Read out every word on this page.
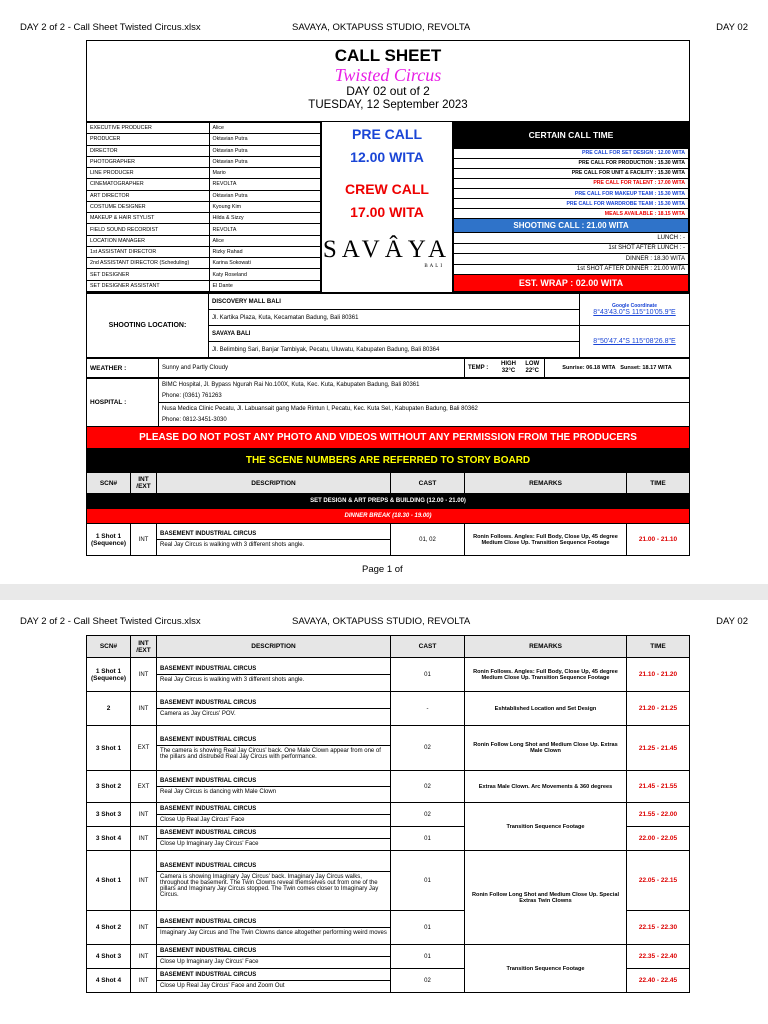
DAY 2 of 2 - Call Sheet Twisted Circus.xlsx	SAVAYA, OKTAPUSS STUDIO, REVOLTA	DAY 02
CALL SHEET
Twisted Circus
DAY 02 out of 2
TUESDAY, 12 September 2023
EXECUTIVE PRODUCER	Alice
PRODUCER	Oktavian Putra
DIRECTOR	Oktavian Putra
PHOTOGRAPHER	Oktavian Putra
LINE PRODUCER	Mario
CINEMATOGRAPHER	REVOLTA
ART DIRECTOR	Oktavian Putra
COSTUME DESIGNER	Kyoung Kim
MAKEUP & HAIR STYLIST	Hilda & Sizzy
FIELD SOUND RECORDIST	REVOLTA
LOCATION MANAGER	Alice
1st ASSISTANT DIRECTOR	Rizky Rahad
2nd ASSISTANT DIRECTOR (Scheduling)	Karina Sokowati
SET DESIGNER	Katy Roseland
SET DESIGNER ASSISTANT	El Dante
PRE CALL
12.00 WITA
CREW CALL
17.00 WITA
SAVÂYA
BALI
CERTAIN CALL TIME
PRE CALL FOR SET DESIGN : 12.00 WITA
PRE CALL FOR PRODUCTION : 15.30 WITA
PRE CALL FOR UNIT & FACILITY : 15.30 WITA
PRE CALL FOR TALENT : 17.00 WITA
PRE CALL FOR MAKEUP TEAM : 15.30 WITA
PRE CALL FOR WARDROBE TEAM : 15.30 WITA
MEALS AVAILABLE : 18.15 WITA
SHOOTING CALL : 21.00 WITA
LUNCH : -
1st SHOT AFTER LUNCH : -
DINNER : 18.30 WITA
1st SHOT AFTER DINNER : 21.00 WITA
EST. WRAP : 02.00 WITA
SHOOTING LOCATION:	DISCOVERY MALL BALI	Google Coordinate
8°43'43.0"S 115°10'05.9"E
	Jl. Kartika Plaza, Kuta, Kecamatan Badung, Bali 80361	
	SAVAYA BALI	8°50'47.4"S 115°08'26.8"E
	Jl. Belimbing Sari, Banjar Tambiyak, Pecatu, Uluwatu, Kabupaten Badung, Bali 80364	
WEATHER :	Sunny and Partly Cloudy	TEMP :	
HIGH
32°C

LOW
22°C	Sunrise: 06.18 WITA Sunset: 18.17 WITA
HOSPITAL :	BIMC Hospital, Jl. Bypass Ngurah Rai No.100X, Kuta, Kec. Kuta, Kabupaten Badung, Bali 80361
Phone: (0361) 761263
Nusa Medica Clinic Pecatu, Jl. Labuansait gang Made Rintun I, Pecatu, Kec. Kuta Sel., Kabupaten Badung, Bali 80362
Phone: 0812-3451-3030
PLEASE DO NOT POST ANY PHOTO AND VIDEOS WITHOUT ANY PERMISSION FROM THE PRODUCERS
THE SCENE NUMBERS ARE REFERRED TO STORY BOARD
SCN#	INT /EXT	DESCRIPTION	CAST	REMARKS	TIME
SET DESIGN & ART PREPS & BUILDING (12.00 - 21.00)					
DINNER BREAK (18.30 - 19.00)					
1 Shot 1 (Sequence)	INT	BASEMENT INDUSTRIAL CIRCUS
Real Jay Circus is walking with 3 different shots angle.	01, 02	Ronin Follows. Angles: Full Body, Close Up, 45 degree Medium Close Up. Transition Sequence Footage	21.00 - 21.10
Page 1 of
DAY 2 of 2 - Call Sheet Twisted Circus.xlsx	SAVAYA, OKTAPUSS STUDIO, REVOLTA	DAY 02
SCN#	INT /EXT	DESCRIPTION	CAST	REMARKS	TIME
1 Shot 1 (Sequence)	INT	BASEMENT INDUSTRIAL CIRCUS
Real Jay Circus is walking with 3 different shots angle.	01	Ronin Follows. Angles: Full Body, Close Up, 45 degree Medium Close Up. Transition Sequence Footage	21.10 - 21.20
2	INT	BASEMENT INDUSTRIAL CIRCUS
Camera as Jay Circus' POV.	-	Eshtablished Location and Set Design	21.20 - 21.25
3 Shot 1	EXT	BASEMENT INDUSTRIAL CIRCUS
The camera is showing Real Jay Circus' back. One Male Clown appear from one of the pillars and distrubed Real Jay Circus with performance.	02	Ronin Follow Long Shot and Medium Close Up. Extras Male Clown	21.25 - 21.45
3 Shot 2	EXT	BASEMENT INDUSTRIAL CIRCUS
Real Jay Circus is dancing with Male Clown	02	Extras Male Clown. Arc Movements & 360 degrees	21.45 - 21.55
3 Shot 3	INT	BASEMENT INDUSTRIAL CIRCUS
Close Up Real Jay Circus' Face	02	Transition Sequence Footage	21.55 - 22.00
3 Shot 4	INT	BASEMENT INDUSTRIAL CIRCUS
Close Up Imaginary Jay Circus' Face	01		22.00 - 22.05
4 Shot 1	INT	BASEMENT INDUSTRIAL CIRCUS
Camera is showing Imaginary Jay Circus' back. Imaginary Jay Circus walks, throughout the basement. The Twin Clowns reveal themselves out from one of the pillars and Imaginary Jay Circus stopped. The Twin comes closer to Imaginary Jay Circus.	01	Ronin Follow Long Shot and Medium Close Up. Special Extras Twin Clowns	22.05 - 22.15
4 Shot 2	INT	BASEMENT INDUSTRIAL CIRCUS
Imaginary Jay Circus and The Twin Clowns dance altogether performing weird moves	01		22.15 - 22.30
4 Shot 3	INT	BASEMENT INDUSTRIAL CIRCUS
Close Up Imaginary Jay Circus' Face	01	Transition Sequence Footage	22.35 - 22.40
4 Shot 4	INT	BASEMENT INDUSTRIAL CIRCUS
Close Up Real Jay Circus' Face and Zoom Out	02		22.40 - 22.45
